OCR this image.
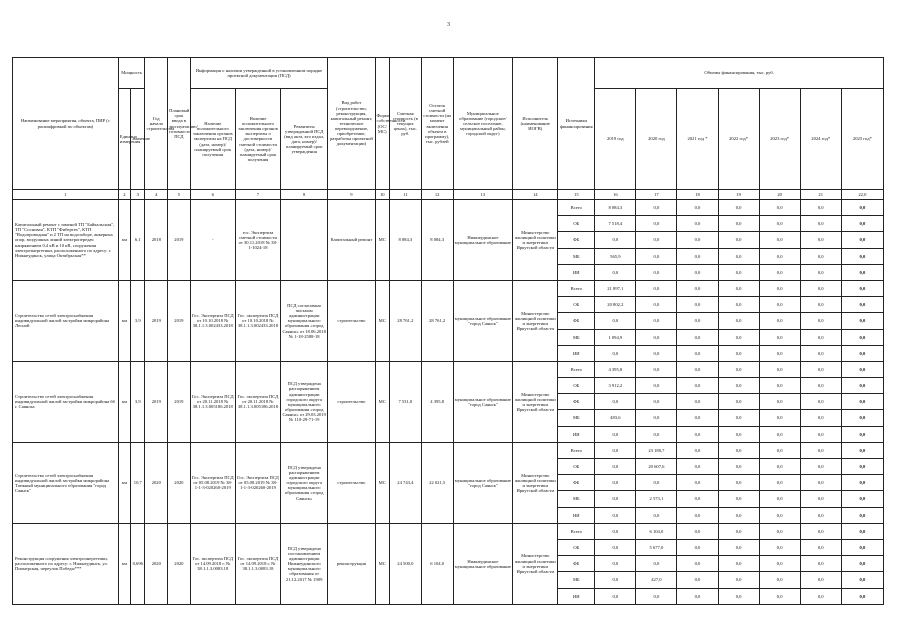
3
Наименование мероприятия, объекта, ПИР (с расшифровкой по объектам)	Мощность		Год начала строительства	Плановый срок ввода в эксплуатацию/готовности ПСД	Информация о наличии утвержденной в установленном порядке проектной документации (ПСД)			Вид работ (строительство, реконструкция, капитальный ремонт, техническое перевооружение, приобретение, разработка проектной документации)	Форма собственности (ОС/МС)	Сметная стоимость (в текущих ценах), тыс. руб.	Остаток сметной стоимости (на момент включения объекта в программу), тыс. рублей	Муниципальное образование (городское/сельское поселение, муниципальный район, городской округ)	Исполнитель (наименование ИОГВ)	Источники финансирования	Объемы финансирования, тыс. руб.						
	Единица измерения	Значение			Наличие положительного заключения органов экспертизы на ПСД (дата, номер)/планируемый срок получения	Наличие положительного заключения органов экспертизы о достоверности сметной стоимости (дата, номер)/планируемый срок получения	Реквизиты утвержденной ПСД (вид акта, кто издал, дата, номер)/планируемый срок утверждения								2019 год	2020 год	2021 год *	2022 год*	2023 год*	2024 год*	2025 год*
1	2	3	4	5	6	7	8	9	10	11	12	13	14	15	16	17	18	19	20	21	22,0
Капитальный ремонт с заменой ТП "Байкальская", ТП "Сосновая", КТП "Фибертех", КТП "Водопроводная" и 2 ТП на водозаборе, анкерных опор, воздушных линий электропередач напряжением 0,4 кВ и 10 кВ, сооружения электроэнергетики, расположенного по адресу: г. Нижнеудинск, улица Октябрьская**	км	6,1	2018	2019	-	гос. Экспертиза сметной стоимости от 30.11.2018 № 38-1-1024-18		Капитальный ремонт	МС	8 084,3	8 084,3	Нижнеудинское муниципальное образование	Министерство жилищной политики и энергетики Иркутской области	Всего	8 084,3	0,0	0,0	0,0	0,0	0,0	0,0
														ОБ	7 518,4	0,0	0,0	0,0	0,0	0,0	0,0
														ФБ	0,0	0,0	0,0	0,0	0,0	0,0	0,0
														МБ	565,9	0,0	0,0	0,0	0,0	0,0	0,0
														ИИ	0,0	0,0	0,0	0,0	0,0	0,0	0,0
Строительство сетей электроснабжения индивидуальной жилой застройки микрорайона Лесной	км	3,9	2019	2019	Гос. Экспертиза ПСД от 10.10.2018 № 38.1.1.3.002433.2018	Гос. экспертиза ПСД от 10.10.2018 № 38.1.1.3.002433.2018	ПСД согласовано письмом администрации муниципального образования «город Саянск» от 18.06.2018 № 1-18-2588-18	строительство	МС	28 761,2	28 761,2	муниципальное образование "город Саянск"	Министерство жилищной политики и энергетики Иркутской области	Всего	21 897,1	0,0	0,0	0,0	0,0	0,0	0,0
														ОБ	20 802,2	0,0	0,0	0,0	0,0	0,0	0,0
														ФБ	0,0	0,0	0,0	0,0	0,0	0,0	0,0
														МБ	1 094,9	0,0	0,0	0,0	0,0	0,0	0,0
														ИИ	0,0	0,0	0,0	0,0	0,0	0,0	0,0
Строительство сетей электроснабжения индивидуальной жилой застройки микрорайона 6б г. Саянска	км	3,9	2019	2019	Гос. Экспертиза ПСД от 20.11.2018 № 38.1.1.3.005186.2018	Гос. экспертиза ПСД от 20.11.2018 № 38.1.1.3.005186.2018	ПСД утверждена распоряжением администрации городского округа муниципального образования «город Саянск» от 29.03.2019 № 110-29-71-19	строительство	МС	7 531,0	4 395,8	муниципальное образование "город Саянск"	Министерство жилищной политики и энергетики Иркутской области	Всего	4 395,8	0,0	0,0	0,0	0,0	0,0	0,0
														ОБ	3 912,2	0,0	0,0	0,0	0,0	0,0	0,0
														ФБ	0,0	0,0	0,0	0,0	0,0	0,0	0,0
														МБ	483,6	0,0	0,0	0,0	0,0	0,0	0,0
														ИИ	0,0	0,0	0,0	0,0	0,0	0,0	0,0
Строительство сетей электроснабжения индивидуальной жилой застройки микрорайона Таежный муниципального образования "город Саянск"	км	10,7	2020	2020	Гос. Экспертиза ПСД от 05.08.2019 № 38-1-1-3-020260-2019	Гос. Экспертиза ПСД от 05.08.2019 № 38-1-1-3-020260-2019	ПСД утверждена распоряжением администрации городского округа муниципального образования «город Саянск»	строительство	МС	24 743,4	22 021,5	муниципальное образование "город Саянск"	Министерство жилищной политики и энергетики Иркутской области	Всего	0,0	23 180,7	0,0	0,0	0,0	0,0	0,0
														ОБ	0,0	20 607,6	0,0	0,0	0,0	0,0	0,0
														ФБ	0,0	0,0	0,0	0,0	0,0	0,0	0,0
														МБ	0,0	2 573,1	0,0	0,0	0,0	0,0	0,0
														ИИ	0,0	0,0	0,0	0,0	0,0	0,0	0,0
Реконструкция сооружения электроэнергетики, расположенного по адресу: г. Нижнеудинск, ул. Пионерская, переулок Победы***	км	0,696	2020	2020	Гос. экспертиза ПСД от 14.09.2018 г. № 38.1.1.3.0083.18	Гос. экспертиза ПСД от 14.09.2018 г. № 38.1.1.3.0083.18	ПСД утверждена постановлением администрации Нижнеудинского муниципального образования от 21.12.2017 № 1909	реконструкция	МС	24 500,0	6 104,0	Нижнеудинское муниципальное образование	Министерство жилищной политики и энергетики Иркутской области	Всего	0,0	6 104,0	0,0	0,0	0,0	0,0	0,0
														ОБ	0,0	5 677,0	0,0	0,0	0,0	0,0	0,0
														ФБ	0,0	0,0	0,0	0,0	0,0	0,0	0,0
														МБ	0,0	427,0	0,0	0,0	0,0	0,0	0,0
														ИИ	0,0	0,0	0,0	0,0	0,0	0,0	0,0
